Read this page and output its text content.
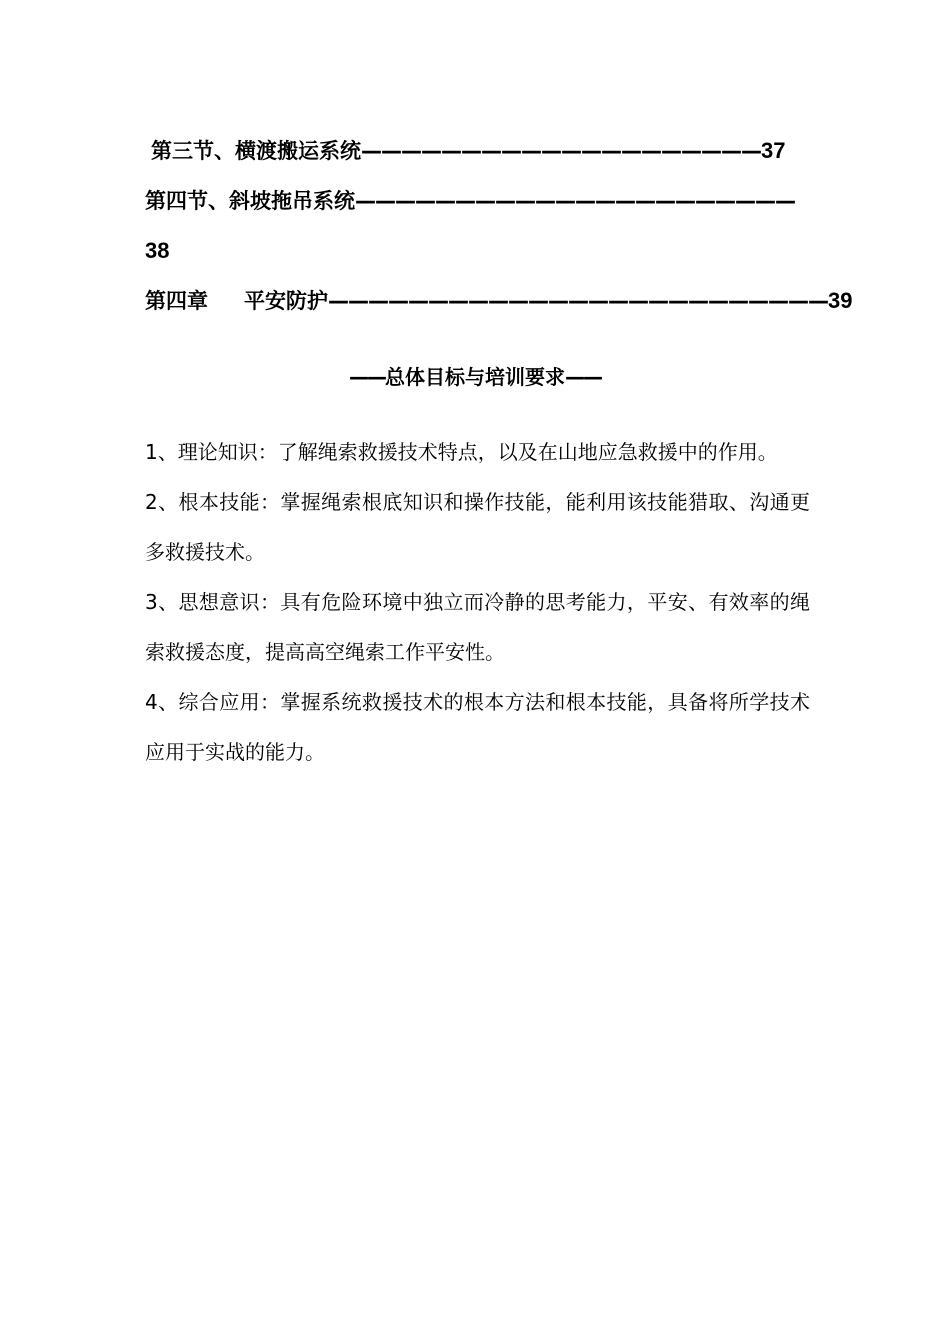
第三节、横渡搬运系统————————————————————37
第四节、斜坡拖吊系统——————————————————————
38
第四章 平安防护—————————————————————————39
——总体目标与培训要求——

1、理论知识：了解绳索救援技术特点，以及在山地应急救援中的作用。

2、根本技能：掌握绳索根底知识和操作技能，能利用该技能猎取、沟通更多救援技术。

3、思想意识：具有危险环境中独立而冷静的思考能力，平安、有效率的绳索救援态度，提高高空绳索工作平安性。

4、综合应用：掌握系统救援技术的根本方法和根本技能，具备将所学技术应用于实战的能力。
